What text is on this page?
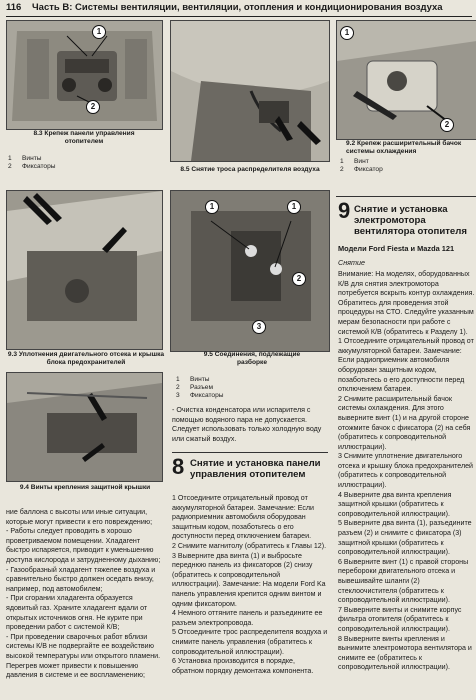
116 Часть В: Системы вентиляции, вентиляции, отопления и кондиционирования воздуха
1
2
8.3 Крепеж панели управления отопителем
1 Винты
2 Фиксаторы	8.5 Снятие троса распределителя воздуха
1
2
9.2 Крепеж расширительный бачок системы охлаждения
1 Винт
2 Фиксатор
9.3 Уплотнения двигательного отсека и крышка блока предохранителей
1	1
2
3
9.5 Соединения, подлежащие разборке
1 Винты
2 Разъем
3 Фиксаторы
9.4 Винты крепления защитной крышки

ние баллона с высоты или иные ситуации, которые могут привести к его повреждению;

- Работы следует проводить в хорошо проветриваемом помещении. Хладагент быстро испаряется, приводит к уменьшению доступа кислорода и затрудненному дыханию;

- Газообразный хладагент тяжелее воздуха и сравнительно быстро должен оседать внизу, например, под автомобилем;

- При сгорании хладагента образуется ядовитый газ. Храните хладагент вдали от открытых источников огня. Не курите при проведении работ с системой К/В;

- При проведении сварочных работ вблизи системы К/В не подвергайте ее воздействию высокой температуры или открытого пламени. Перегрев может привести к повышению давления в системе и ее воспламенению;

- Очистка конденсатора или испарителя с помощью водяного пара не допускается. Следует использовать только холодную воду или сжатый воздух.
8 Снятие и установка панели управления отопителем

1 Отсоедините отрицательный провод от аккумуляторной батареи. Замечание: Если радиоприемник автомобиля оборудован защитным кодом, позаботьтесь о его доступности перед отключением батареи.

2 Снимите магнитолу (обратитесь к Главы 12).

3 Выверните два винта (1) и выбросьте переднюю панель из фиксаторов (2) снизу (обратитесь к сопроводительной иллюстрации). Замечание: На модели Ford Ka панель управления крепится одним винтом и одним фиксатором.

4 Немного оттяните панель и разъедините ее разъем электропровода.

5 Отсоедините трос распределителя воздуха и снимите панель управления (обратитесь к сопроводительной иллюстрации).

6 Установка производится в порядке, обратном порядку демонтажа компонента.

9 Снятие и установка электромотора вентилятора отопителя
Модели Ford Fiesta и Mazda 121
Снятие

Внимание: На моделях, оборудованных К/В для снятия электромотора потребуется вскрыть контур охлаждения. Обратитесь для проведения этой процедуры на СТО. Следуйте указанным мерам безопасности при работе с системой К/В (обратитесь к Разделу 1).

1 Отсоедините отрицательный провод от аккумуляторной батареи. Замечание: Если радиоприемник автомобиля оборудован защитным кодом, позаботьтесь о его доступности перед отключением батареи.

2 Снимите расширительный бачок системы охлаждения. Для этого выверните винт (1) и на другой стороне отожмите бачок с фиксатора (2) на себя (обратитесь к сопроводительной иллюстрации).

3 Снимите уплотнение двигательного отсека и крышку блока предохранителей (обратитесь к сопроводительной иллюстрации).

4 Выверните два винта крепления защитной крышки (обратитесь к сопроводительной иллюстрации).

5 Выверните два винта (1), разъедините разъем (2) и снимите с фиксатора (3) защитной крышки (обратитесь к сопроводительной иллюстрации).

6 Выверните винт (1) с правой стороны перебороки двигательного отсека и вывешивайте шланги (2) стеклоочистителя (обратитесь к сопроводительной иллюстрации).

7 Выверните винты и снимите корпус фильтра отопителя (обратитесь к сопроводительной иллюстрации).

8 Выверните винты крепления и вынимите электромотора вентилятора и снимите ее (обратитесь к сопроводительной иллюстрации).
